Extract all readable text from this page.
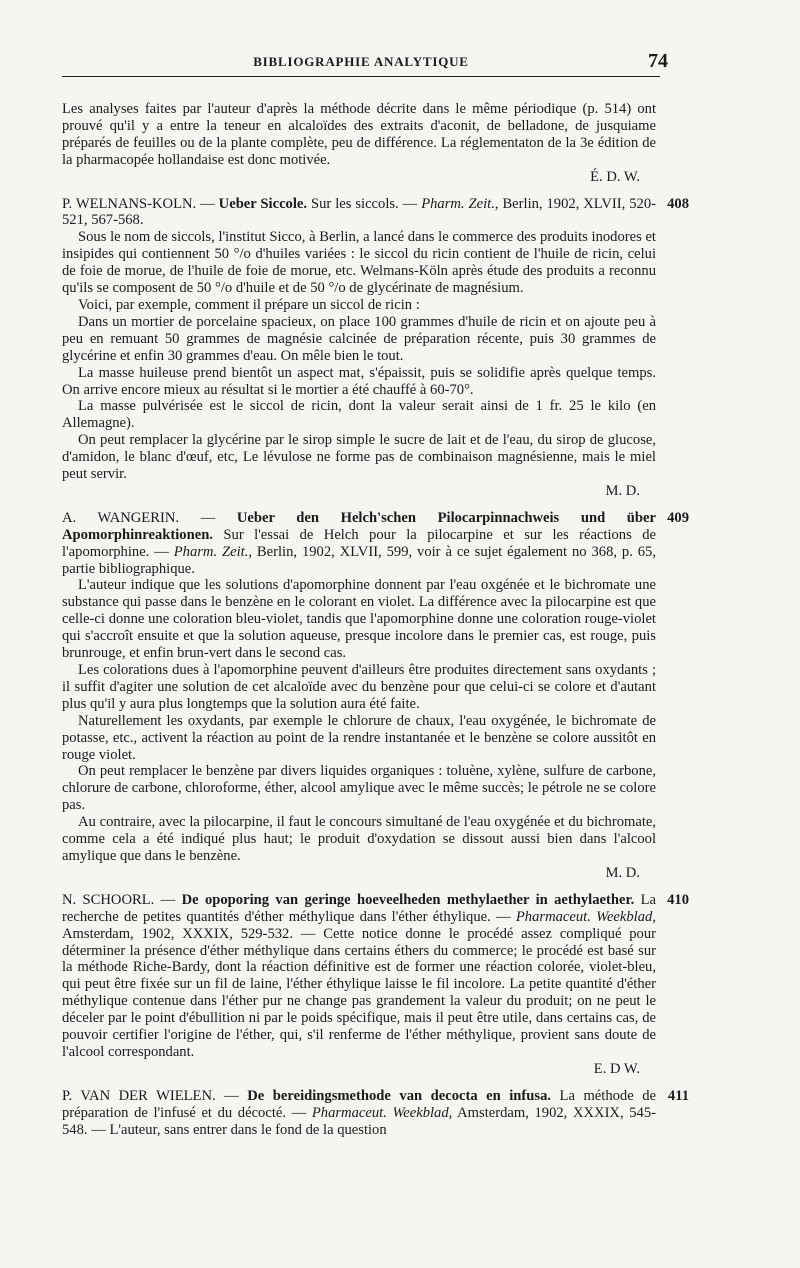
BIBLIOGRAPHIE ANALYTIQUE	74

Les analyses faites par l'auteur d'après la méthode décrite dans le même périodique (p. 514) ont prouvé qu'il y a entre la teneur en alcaloïdes des extraits d'aconit, de belladone, de jusquiame préparés de feuilles ou de la plante complète, peu de différence. La réglementaton de la 3e édition de la pharmacopée hollandaise est donc motivée.

É. D. W.

408

P. WELNANS-KOLN. — Ueber Siccole. Sur les siccols. — Pharm. Zeit., Berlin, 1902, XLVII, 520-521, 567-568.

Sous le nom de siccols, l'institut Sicco, à Berlin, a lancé dans le commerce des produits inodores et insipides qui contiennent 50 °/o d'huiles variées : le siccol du ricin contient de l'huile de ricin, celui de foie de morue, de l'huile de foie de morue, etc. Welmans-Köln après étude des produits a reconnu qu'ils se composent de 50 °/o d'huile et de 50 °/o de glycérinate de magnésium.

Voici, par exemple, comment il prépare un siccol de ricin :

Dans un mortier de porcelaine spacieux, on place 100 grammes d'huile de ricin et on ajoute peu à peu en remuant 50 grammes de magnésie calcinée de préparation récente, puis 30 grammes de glycérine et enfin 30 grammes d'eau. On mêle bien le tout.

La masse huileuse prend bientôt un aspect mat, s'épaissit, puis se solidifie après quelque temps. On arrive encore mieux au résultat si le mortier a été chauffé à 60-70°.

La masse pulvérisée est le siccol de ricin, dont la valeur serait ainsi de 1 fr. 25 le kilo (en Allemagne).

On peut remplacer la glycérine par le sirop simple le sucre de lait et de l'eau, du sirop de glucose, d'amidon, le blanc d'œuf, etc, Le lévulose ne forme pas de combinaison magnésienne, mais le miel peut servir.

M. D.

409

A. WANGERIN. — Ueber den Helch'schen Pilocarpinnachweis und über Apomorphinreaktionen. Sur l'essai de Helch pour la pilocarpine et sur les réactions de l'apomorphine. — Pharm. Zeit., Berlin, 1902, XLVII, 599, voir à ce sujet également no 368, p. 65, partie bibliographique.

L'auteur indique que les solutions d'apomorphine donnent par l'eau oxgénée et le bichromate une substance qui passe dans le benzène en le colorant en violet. La différence avec la pilocarpine est que celle-ci donne une coloration bleu-violet, tandis que l'apomorphine donne une coloration rouge-violet qui s'accroît ensuite et que la solution aqueuse, presque incolore dans le premier cas, est rouge, puis brunrouge, et enfin brun-vert dans le second cas.

Les colorations dues à l'apomorphine peuvent d'ailleurs être produites directement sans oxydants ; il suffit d'agiter une solution de cet alcaloïde avec du benzène pour que celui-ci se colore et d'autant plus qu'il y aura plus longtemps que la solution aura été faite.

Naturellement les oxydants, par exemple le chlorure de chaux, l'eau oxygénée, le bichromate de potasse, etc., activent la réaction au point de la rendre instantanée et le benzène se colore aussitôt en rouge violet.

On peut remplacer le benzène par divers liquides organiques : toluène, xylène, sulfure de carbone, chlorure de carbone, chloroforme, éther, alcool amylique avec le même succès; le pétrole ne se colore pas.

Au contraire, avec la pilocarpine, il faut le concours simultané de l'eau oxygénée et du bichromate, comme cela a été indiqué plus haut; le produit d'oxydation se dissout aussi bien dans l'alcool amylique que dans le benzène.

M. D.

410

N. SCHOORL. — De opoporing van geringe hoeveelheden methylaether in aethylaether. La recherche de petites quantités d'éther méthylique dans l'éther éthylique. — Pharmaceut. Weekblad, Amsterdam, 1902, XXXIX, 529-532. — Cette notice donne le procédé assez compliqué pour déterminer la présence d'éther méthylique dans certains éthers du commerce; le procédé est basé sur la méthode Riche-Bardy, dont la réaction définitive est de former une réaction colorée, violet-bleu, qui peut être fixée sur un fil de laine, l'éther éthylique laisse le fil incolore. La petite quantité d'éther méthylique contenue dans l'éther pur ne change pas grandement la valeur du produit; on ne peut le déceler par le point d'ébullition ni par le poids spécifique, mais il peut être utile, dans certains cas, de pouvoir certifier l'origine de l'éther, qui, s'il renferme de l'éther méthylique, provient sans doute de l'alcool correspondant.

E. D W.

411

P. VAN DER WIELEN. — De bereidingsmethode van decocta en infusa. La méthode de préparation de l'infusé et du décocté. — Pharmaceut. Weekblad, Amsterdam, 1902, XXXIX, 545-548. — L'auteur, sans entrer dans le fond de la question
